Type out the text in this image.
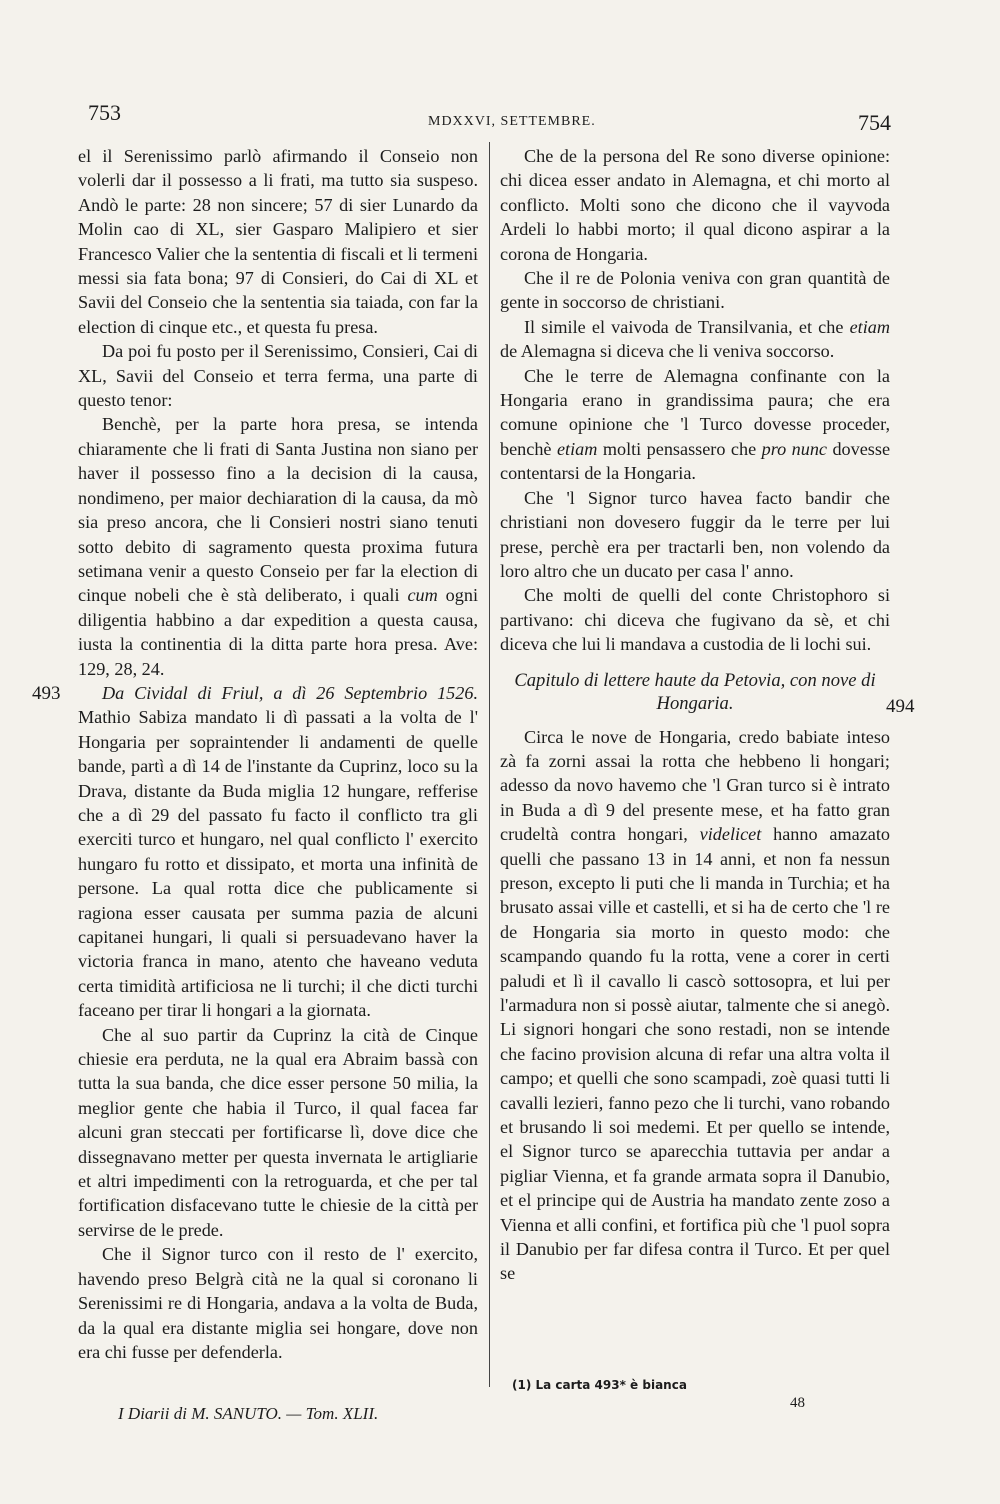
753	MDXXVI, SETTEMBRE.	754
493
494

el il Serenissimo parlò afirmando il Conseio non volerli dar il possesso a li frati, ma tutto sia suspeso. Andò le parte: 28 non sincere; 57 di sier Lunardo da Molin cao di XL, sier Gasparo Malipiero et sier Francesco Valier che la sententia di fiscali et li termeni messi sia fata bona; 97 di Consieri, do Cai di XL et Savii del Conseio che la sententia sia taiada, con far la election di cinque etc., et questa fu presa.

Da poi fu posto per il Serenissimo, Consieri, Cai di XL, Savii del Conseio et terra ferma, una parte di questo tenor:

Benchè, per la parte hora presa, se intenda chiaramente che li frati di Santa Justina non siano per haver il possesso fino a la decision di la causa, nondimeno, per maior dechiaration di la causa, da mò sia preso ancora, che li Consieri nostri siano tenuti sotto debito di sagramento questa proxima futura setimana venir a questo Conseio per far la election di cinque nobeli che è stà deliberato, i quali cum ogni diligentia habbino a dar expedition a questa causa, iusta la continentia di la ditta parte hora presa. Ave: 129, 28, 24.

Da Cividal di Friul, a dì 26 Septembrio 1526. Mathio Sabiza mandato li dì passati a la volta de l' Hongaria per sopraintender li andamenti de quelle bande, partì a dì 14 de l'instante da Cuprinz, loco su la Drava, distante da Buda miglia 12 hungare, refferise che a dì 29 del passato fu facto il conflicto tra gli exerciti turco et hungaro, nel qual conflicto l' exercito hungaro fu rotto et dissipato, et morta una infinità de persone. La qual rotta dice che publicamente si ragiona esser causata per summa pazia de alcuni capitanei hungari, li quali si persuadevano haver la victoria franca in mano, atento che haveano veduta certa timidità artificiosa ne li turchi; il che dicti turchi faceano per tirar li hongari a la giornata.

Che al suo partir da Cuprinz la cità de Cinque chiesie era perduta, ne la qual era Abraim bassà con tutta la sua banda, che dice esser persone 50 milia, la meglior gente che habia il Turco, il qual facea far alcuni gran steccati per fortificarse lì, dove dice che dissegnavano metter per questa invernata le artigliarie et altri impedimenti con la retroguarda, et che per tal fortification disfacevano tutte le chiesie de la città per servirse de le prede.

Che il Signor turco con il resto de l' exercito, havendo preso Belgrà cità ne la qual si coronano li Serenissimi re di Hongaria, andava a la volta de Buda, da la qual era distante miglia sei hongare, dove non era chi fusse per defenderla.

Che de la persona del Re sono diverse opinione: chi dicea esser andato in Alemagna, et chi morto al conflicto. Molti sono che dicono che il vayvoda Ardeli lo habbi morto; il qual dicono aspirar a la corona de Hongaria.

Che il re de Polonia veniva con gran quantità de gente in soccorso de christiani.

Il simile el vaivoda de Transilvania, et che etiam de Alemagna si diceva che li veniva soccorso.

Che le terre de Alemagna confinante con la Hongaria erano in grandissima paura; che era comune opinione che 'l Turco dovesse proceder, benchè etiam molti pensassero che pro nunc dovesse contentarsi de la Hongaria.

Che 'l Signor turco havea facto bandir che christiani non dovesero fuggir da le terre per lui prese, perchè era per tractarli ben, non volendo da loro altro che un ducato per casa l' anno.

Che molti de quelli del conte Christophoro si partivano: chi diceva che fugivano da sè, et chi diceva che lui li mandava a custodia de li lochi sui.

Capitulo di lettere haute da Petovia, con nove di Hongaria.

Circa le nove de Hongaria, credo babiate inteso zà fa zorni assai la rotta che hebbeno li hongari; adesso da novo havemo che 'l Gran turco si è intrato in Buda a dì 9 del presente mese, et ha fatto gran crudeltà contra hongari, videlicet hanno amazato quelli che passano 13 in 14 anni, et non fa nessun preson, excepto li puti che li manda in Turchia; et ha brusato assai ville et castelli, et si ha de certo che 'l re de Hongaria sia morto in questo modo: che scampando quando fu la rotta, vene a corer in certi paludi et lì il cavallo li cascò sottosopra, et lui per l'armadura non si possè aiutar, talmente che si anegò. Li signori hongari che sono restadi, non se intende che facino provision alcuna di refar una altra volta il campo; et quelli che sono scampadi, zoè quasi tutti li cavalli lezieri, fanno pezo che li turchi, vano robando et brusando li soi medemi. Et per quello se intende, el Signor turco se aparecchia tuttavia per andar a pigliar Vienna, et fa grande armata sopra il Danubio, et el principe qui de Austria ha mandato zente zoso a Vienna et alli confini, et fortifica più che 'l puol sopra il Danubio per far difesa contra il Turco. Et per quel se

(1) La carta 493* è bianca
I Diarii di M. SANUTO. — Tom. XLII.
48
